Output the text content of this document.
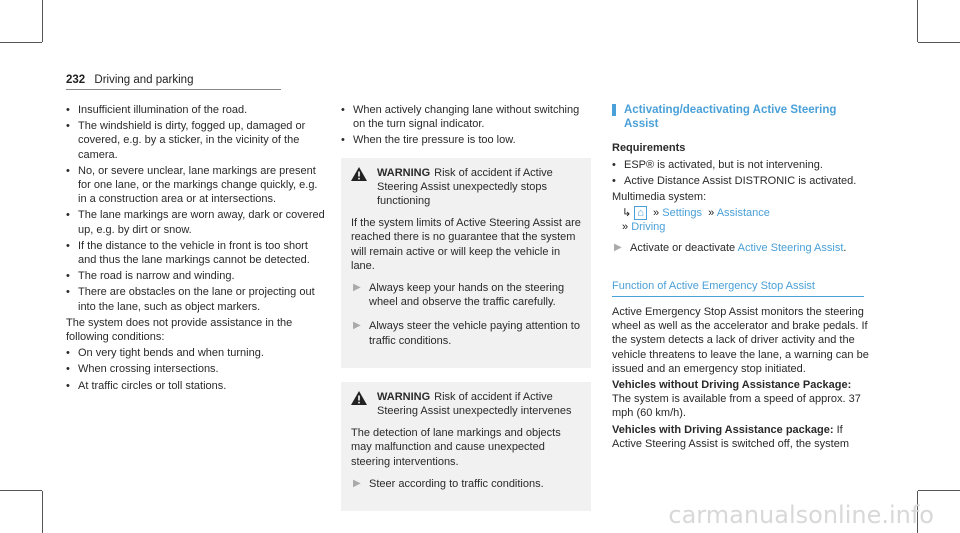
232 Driving and parking
• Insufficient illumination of the road.
• The windshield is dirty, fogged up, damaged or covered, e.g. by a sticker, in the vicinity of the camera.
• No, or severe unclear, lane markings are present for one lane, or the markings change quickly, e.g. in a construction area or at intersections.
• The lane markings are worn away, dark or covered up, e.g. by dirt or snow.
• If the distance to the vehicle in front is too short and thus the lane markings cannot be detected.
• The road is narrow and winding.
• There are obstacles on the lane or projecting out into the lane, such as object markers.

The system does not provide assistance in the following conditions:

• On very tight bends and when turning.
• When crossing intersections.
• At traffic circles or toll stations.
• When actively changing lane without switching on the turn signal indicator.
• When the tire pressure is too low.
WARNING Risk of accident if Active Steering Assist unexpectedly stops functioning

If the system limits of Active Steering Assist are reached there is no guarantee that the system will remain active or will keep the vehicle in lane.

▶ Always keep your hands on the steering wheel and observe the traffic carefully.
▶ Always steer the vehicle paying attention to traffic conditions.
WARNING Risk of accident if Active Steering Assist unexpectedly intervenes

The detection of lane markings and objects may malfunction and cause unexpected steering interventions.

▶ Steer according to traffic conditions.
Activating/deactivating Active Steering Assist
Requirements
• ESP® is activated, but is not intervening.
• Active Distance Assist DISTRONIC is activated.

Multimedia system:

↳ ⌂  » Settings  » Assistance
» Driving
▶ Activate or deactivate Active Steering Assist.
Function of Active Emergency Stop Assist

Active Emergency Stop Assist monitors the steering wheel as well as the accelerator and brake pedals. If the system detects a lack of driver activity and the vehicle threatens to leave the lane, a warning can be issued and an emergency stop initiated.

Vehicles without Driving Assistance Package: The system is available from a speed of approx. 37 mph (60 km/h).

Vehicles with Driving Assistance package: If Active Steering Assist is switched off, the system

carmanualsonline.info
